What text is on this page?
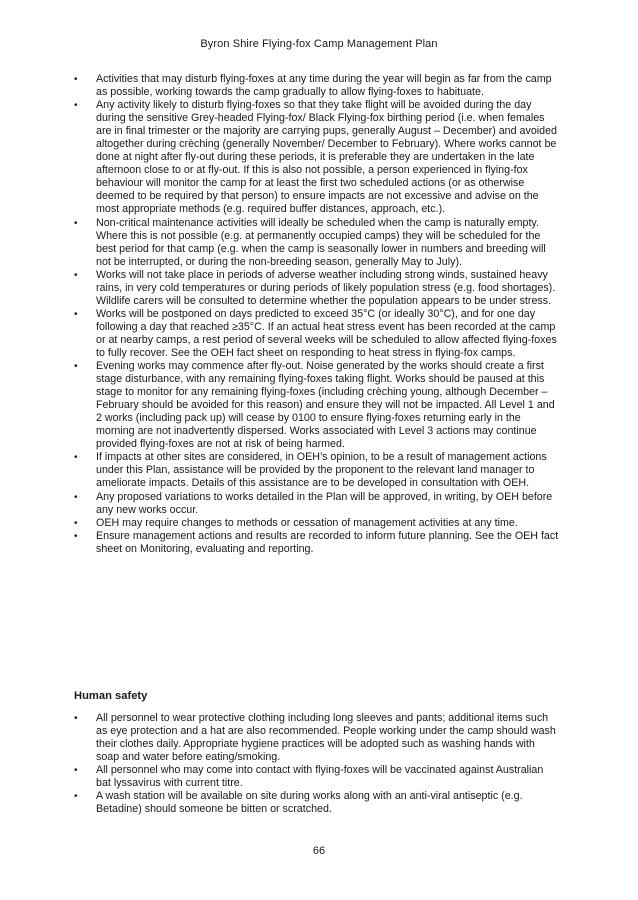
Byron Shire Flying-fox Camp Management Plan
• Activities that may disturb flying-foxes at any time during the year will begin as far from the camp as possible, working towards the camp gradually to allow flying-foxes to habituate.
• Any activity likely to disturb flying-foxes so that they take flight will be avoided during the day during the sensitive Grey-headed Flying-fox/ Black Flying-fox birthing period (i.e. when females are in final trimester or the majority are carrying pups, generally August – December) and avoided altogether during crèching (generally November/ December to February). Where works cannot be done at night after fly-out during these periods, it is preferable they are undertaken in the late afternoon close to or at fly-out. If this is also not possible, a person experienced in flying-fox behaviour will monitor the camp for at least the first two scheduled actions (or as otherwise deemed to be required by that person) to ensure impacts are not excessive and advise on the most appropriate methods (e.g. required buffer distances, approach, etc.).
• Non-critical maintenance activities will ideally be scheduled when the camp is naturally empty. Where this is not possible (e.g. at permanently occupied camps) they will be scheduled for the best period for that camp (e.g. when the camp is seasonally lower in numbers and breeding will not be interrupted, or during the non-breeding season, generally May to July).
• Works will not take place in periods of adverse weather including strong winds, sustained heavy rains, in very cold temperatures or during periods of likely population stress (e.g. food shortages). Wildlife carers will be consulted to determine whether the population appears to be under stress.
• Works will be postponed on days predicted to exceed 35°C (or ideally 30°C), and for one day following a day that reached ≥35°C. If an actual heat stress event has been recorded at the camp or at nearby camps, a rest period of several weeks will be scheduled to allow affected flying-foxes to fully recover. See the OEH fact sheet on responding to heat stress in flying-fox camps.
• Evening works may commence after fly-out. Noise generated by the works should create a first stage disturbance, with any remaining flying-foxes taking flight. Works should be paused at this stage to monitor for any remaining flying-foxes (including crèching young, although December – February should be avoided for this reason) and ensure they will not be impacted. All Level 1 and 2 works (including pack up) will cease by 0100 to ensure flying-foxes returning early in the morning are not inadvertently dispersed. Works associated with Level 3 actions may continue provided flying-foxes are not at risk of being harmed.
• If impacts at other sites are considered, in OEH’s opinion, to be a result of management actions under this Plan, assistance will be provided by the proponent to the relevant land manager to ameliorate impacts. Details of this assistance are to be developed in consultation with OEH.
• Any proposed variations to works detailed in the Plan will be approved, in writing, by OEH before any new works occur.
• OEH may require changes to methods or cessation of management activities at any time.
• Ensure management actions and results are recorded to inform future planning. See the OEH fact sheet on Monitoring, evaluating and reporting.
Human safety
• All personnel to wear protective clothing including long sleeves and pants; additional items such as eye protection and a hat are also recommended. People working under the camp should wash their clothes daily. Appropriate hygiene practices will be adopted such as washing hands with soap and water before eating/smoking.
• All personnel who may come into contact with flying-foxes will be vaccinated against Australian bat lyssavirus with current titre.
• A wash station will be available on site during works along with an anti-viral antiseptic (e.g. Betadine) should someone be bitten or scratched.
66
